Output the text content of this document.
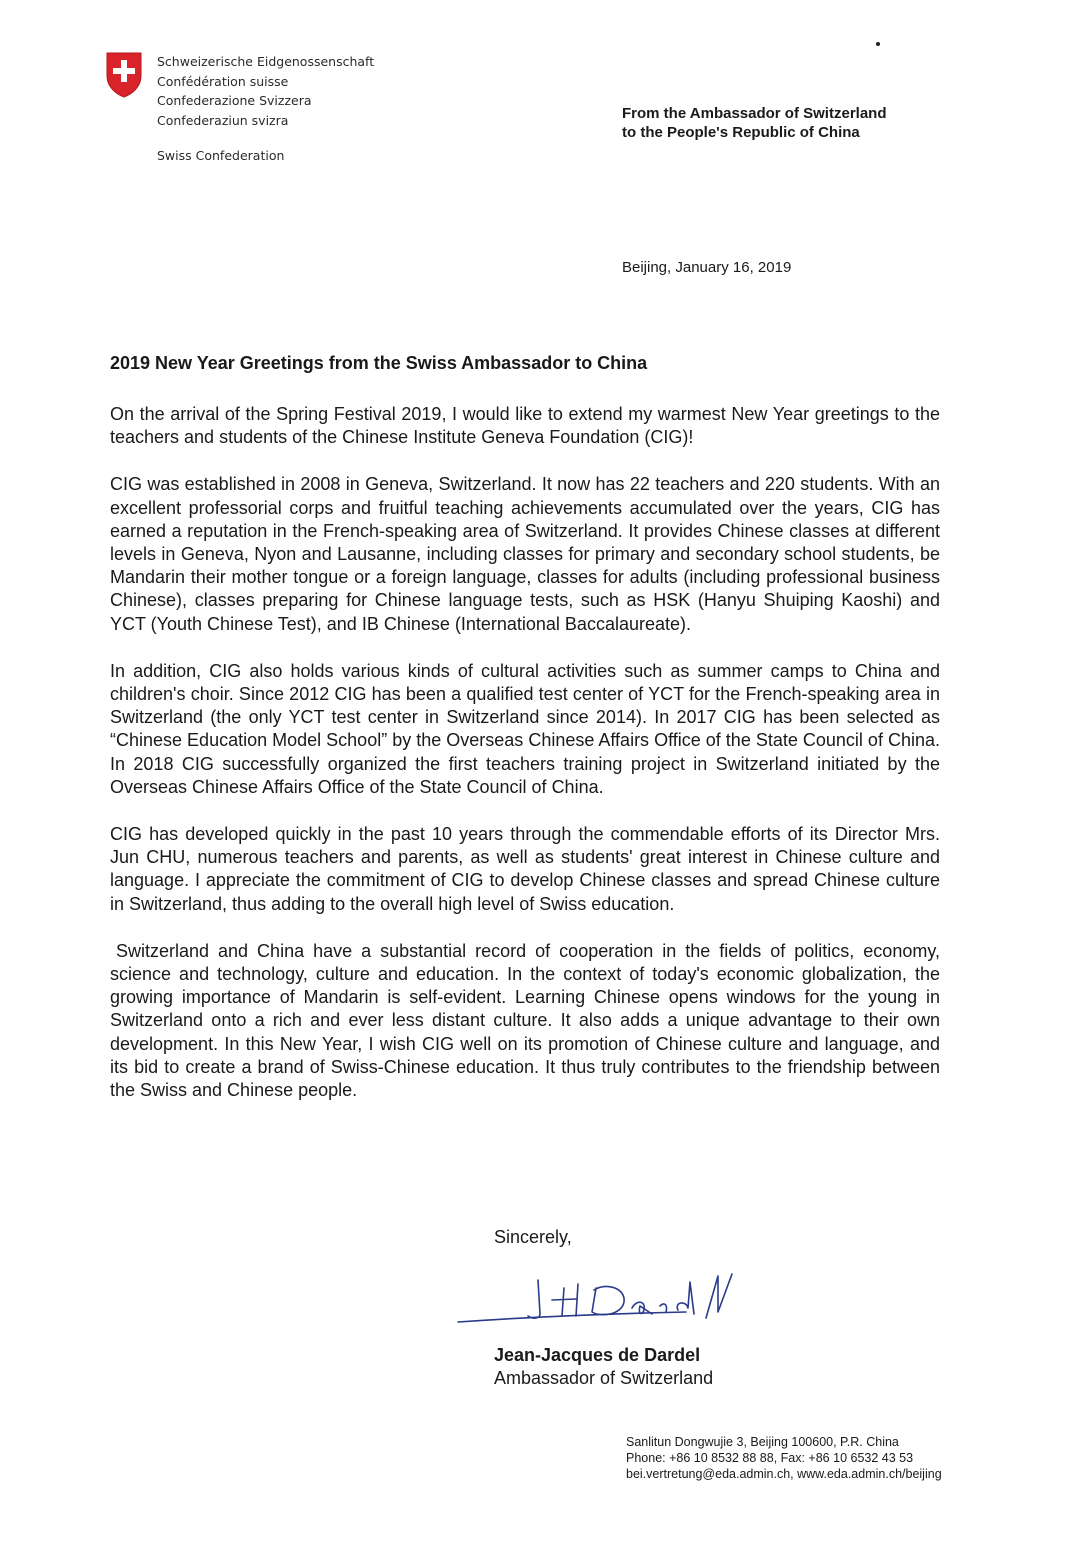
Schweizerische Eidgenossenschaft
Confédération suisse
Confederazione Svizzera
Confederaziun svizra
Swiss Confederation
From the Ambassador of Switzerland
to the People's Republic of China
Beijing, January 16, 2019
2019 New Year Greetings from the Swiss Ambassador to China

On the arrival of the Spring Festival 2019, I would like to extend my warmest New Year greetings to the teachers and students of the Chinese Institute Geneva Foundation (CIG)!

CIG was established in 2008 in Geneva, Switzerland. It now has 22 teachers and 220 students. With an excellent professorial corps and fruitful teaching achievements accumulated over the years, CIG has earned a reputation in the French-speaking area of Switzerland. It provides Chinese classes at different levels in Geneva, Nyon and Lausanne, including classes for primary and secondary school students, be Mandarin their mother tongue or a foreign language, classes for adults (including professional business Chinese), classes preparing for Chinese language tests, such as HSK (Hanyu Shuiping Kaoshi) and YCT (Youth Chinese Test), and IB Chinese (International Baccalaureate).

In addition, CIG also holds various kinds of cultural activities such as summer camps to China and children's choir. Since 2012 CIG has been a qualified test center of YCT for the French-speaking area in Switzerland (the only YCT test center in Switzerland since 2014). In 2017 CIG has been selected as “Chinese Education Model School” by the Overseas Chinese Affairs Office of the State Council of China. In 2018 CIG successfully organized the first teachers training project in Switzerland initiated by the Overseas Chinese Affairs Office of the State Council of China.

CIG has developed quickly in the past 10 years through the commendable efforts of its Director Mrs. Jun CHU, numerous teachers and parents, as well as students' great interest in Chinese culture and language. I appreciate the commitment of CIG to develop Chinese classes and spread Chinese culture in Switzerland, thus adding to the overall high level of Swiss education.

Switzerland and China have a substantial record of cooperation in the fields of politics, economy, science and technology, culture and education. In the context of today's economic globalization, the growing importance of Mandarin is self-evident. Learning Chinese opens windows for the young in Switzerland onto a rich and ever less distant culture. It also adds a unique advantage to their own development. In this New Year, I wish CIG well on its promotion of Chinese culture and language, and its bid to create a brand of Swiss-Chinese education. It thus truly contributes to the friendship between the Swiss and Chinese people.

Sincerely,
Jean-Jacques de Dardel
Ambassador of Switzerland
Sanlitun Dongwujie 3, Beijing 100600, P.R. China
Phone: +86 10 8532 88 88, Fax: +86 10 6532 43 53
bei.vertretung@eda.admin.ch, www.eda.admin.ch/beijing
